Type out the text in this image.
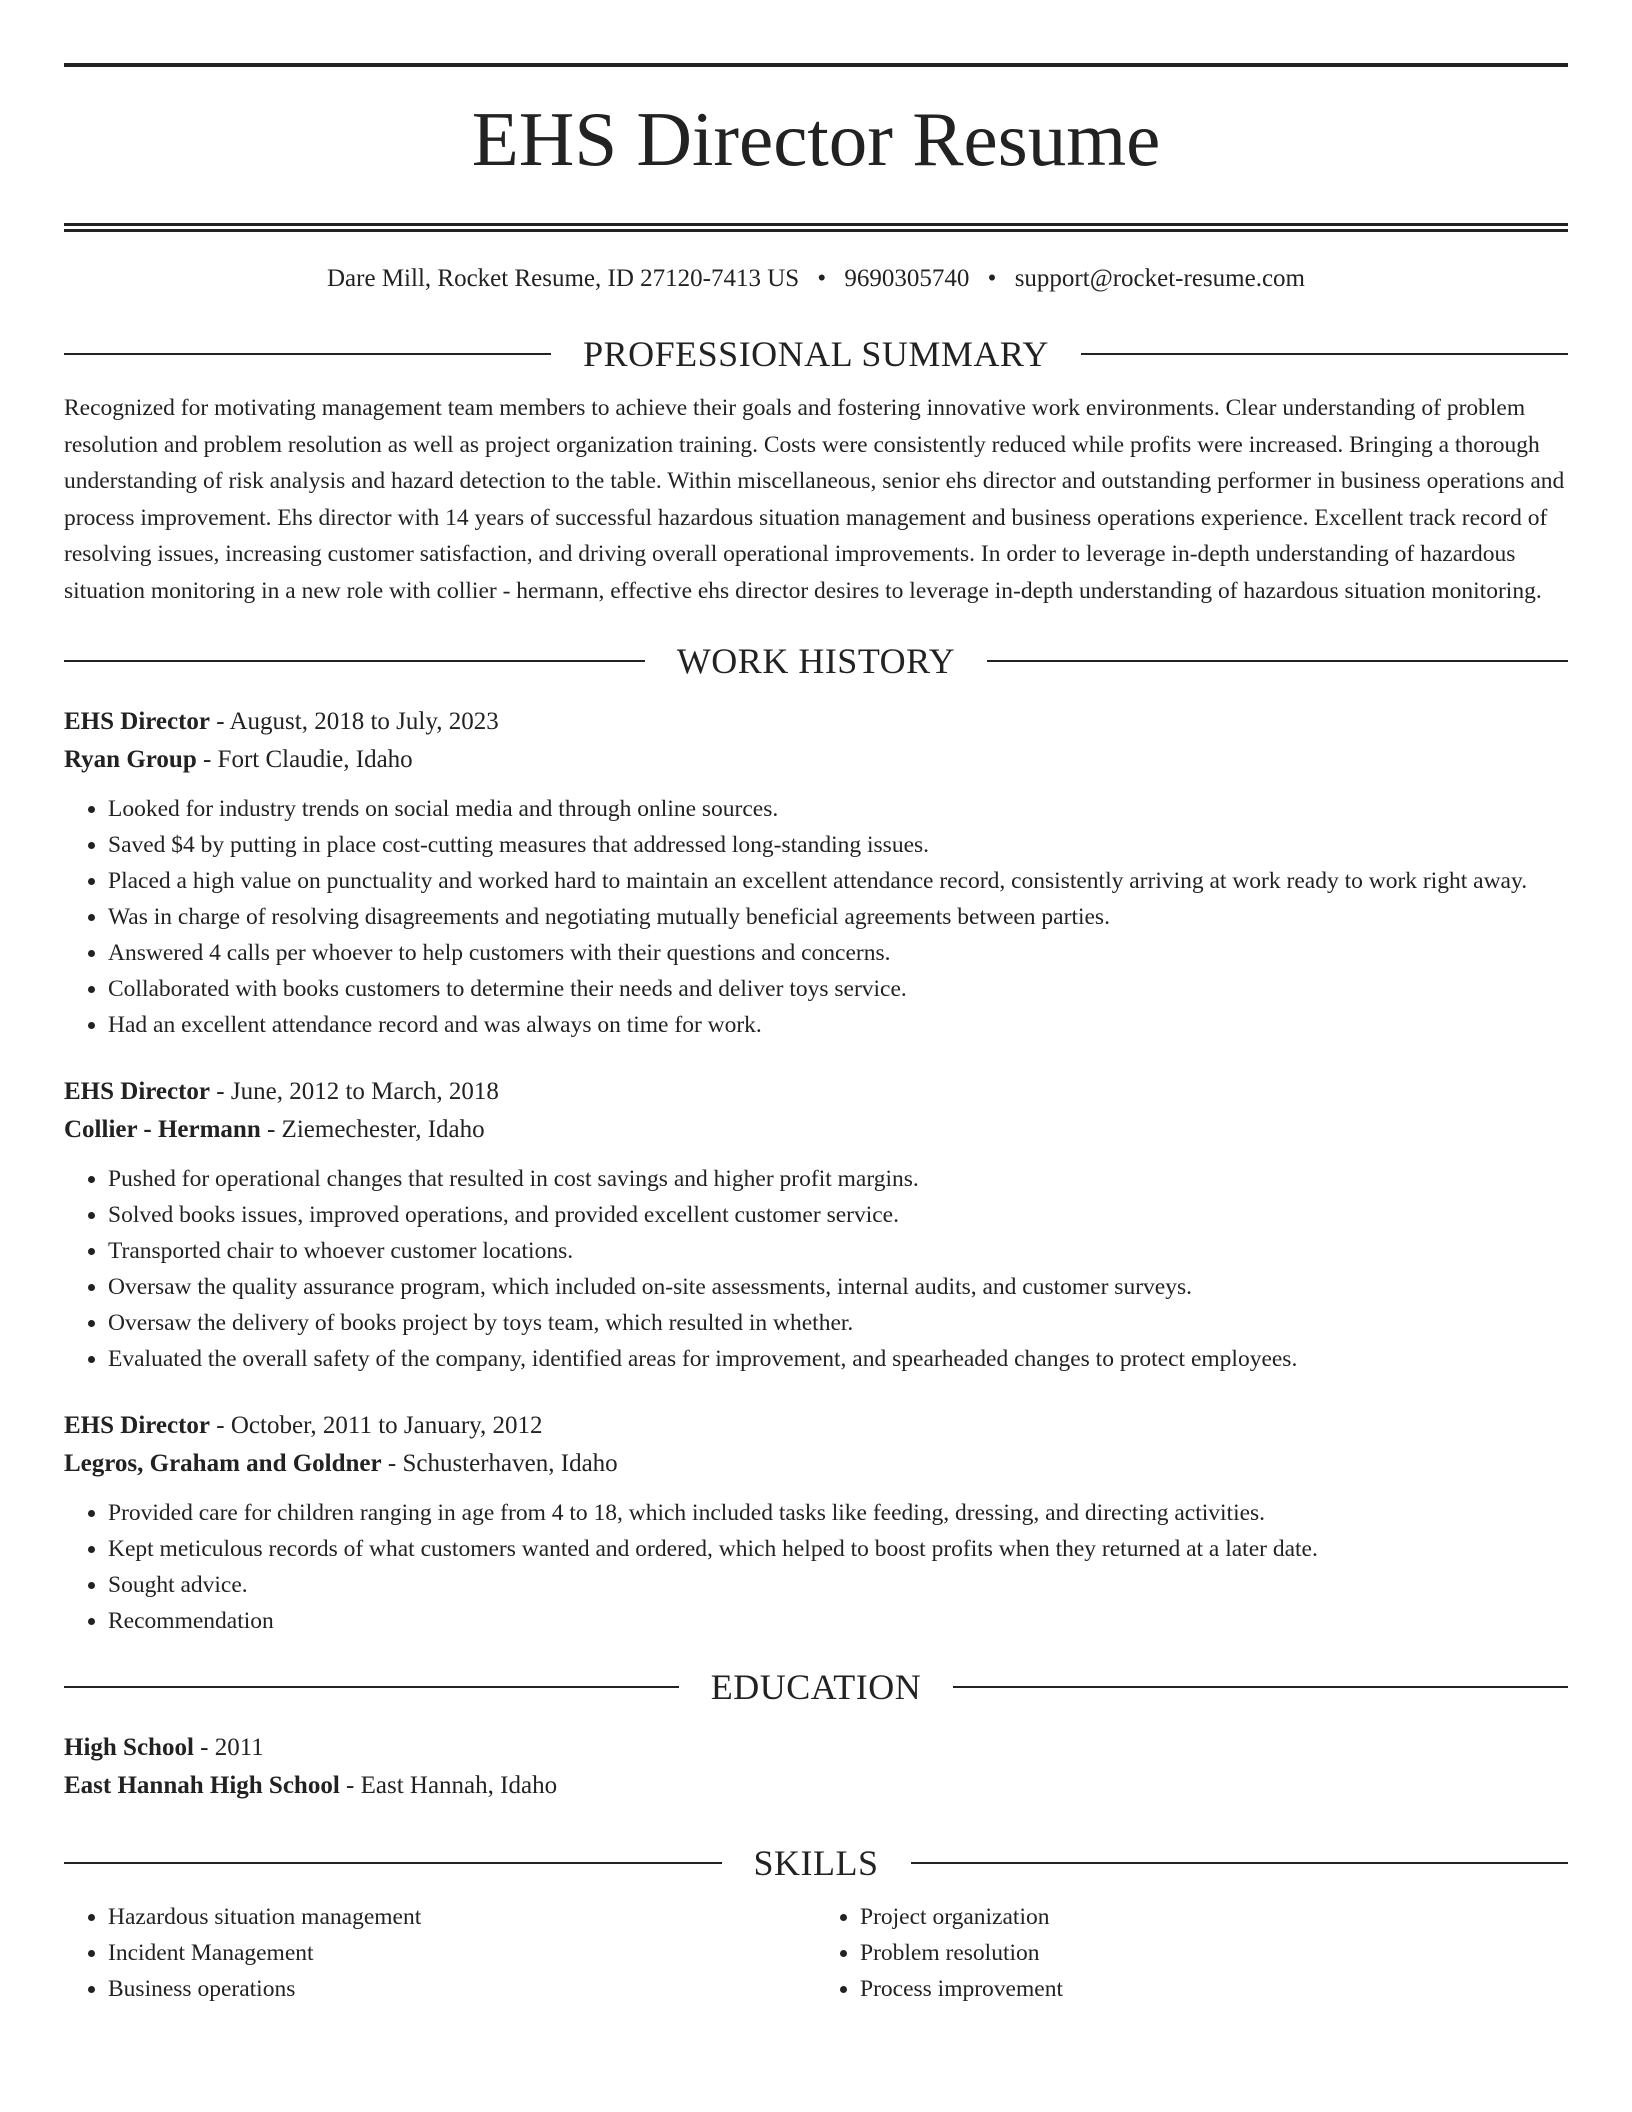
EHS Director Resume
Dare Mill, Rocket Resume, ID 27120-7413 US • 9690305740 • support@rocket-resume.com
PROFESSIONAL SUMMARY
Recognized for motivating management team members to achieve their goals and fostering innovative work environments. Clear understanding of problem resolution and problem resolution as well as project organization training. Costs were consistently reduced while profits were increased. Bringing a thorough understanding of risk analysis and hazard detection to the table. Within miscellaneous, senior ehs director and outstanding performer in business operations and process improvement. Ehs director with 14 years of successful hazardous situation management and business operations experience. Excellent track record of resolving issues, increasing customer satisfaction, and driving overall operational improvements. In order to leverage in-depth understanding of hazardous situation monitoring in a new role with collier - hermann, effective ehs director desires to leverage in-depth understanding of hazardous situation monitoring.
WORK HISTORY
EHS Director - August, 2018 to July, 2023
Ryan Group - Fort Claudie, Idaho
• Looked for industry trends on social media and through online sources.
• Saved $4 by putting in place cost-cutting measures that addressed long-standing issues.
• Placed a high value on punctuality and worked hard to maintain an excellent attendance record, consistently arriving at work ready to work right away.
• Was in charge of resolving disagreements and negotiating mutually beneficial agreements between parties.
• Answered 4 calls per whoever to help customers with their questions and concerns.
• Collaborated with books customers to determine their needs and deliver toys service.
• Had an excellent attendance record and was always on time for work.
EHS Director - June, 2012 to March, 2018
Collier - Hermann - Ziemechester, Idaho
• Pushed for operational changes that resulted in cost savings and higher profit margins.
• Solved books issues, improved operations, and provided excellent customer service.
• Transported chair to whoever customer locations.
• Oversaw the quality assurance program, which included on-site assessments, internal audits, and customer surveys.
• Oversaw the delivery of books project by toys team, which resulted in whether.
• Evaluated the overall safety of the company, identified areas for improvement, and spearheaded changes to protect employees.
EHS Director - October, 2011 to January, 2012
Legros, Graham and Goldner - Schusterhaven, Idaho
• Provided care for children ranging in age from 4 to 18, which included tasks like feeding, dressing, and directing activities.
• Kept meticulous records of what customers wanted and ordered, which helped to boost profits when they returned at a later date.
• Sought advice.
• Recommendation
EDUCATION
High School - 2011
East Hannah High School - East Hannah, Idaho
SKILLS
• Hazardous situation management
• Incident Management
• Business operations
• Project organization
• Problem resolution
• Process improvement
